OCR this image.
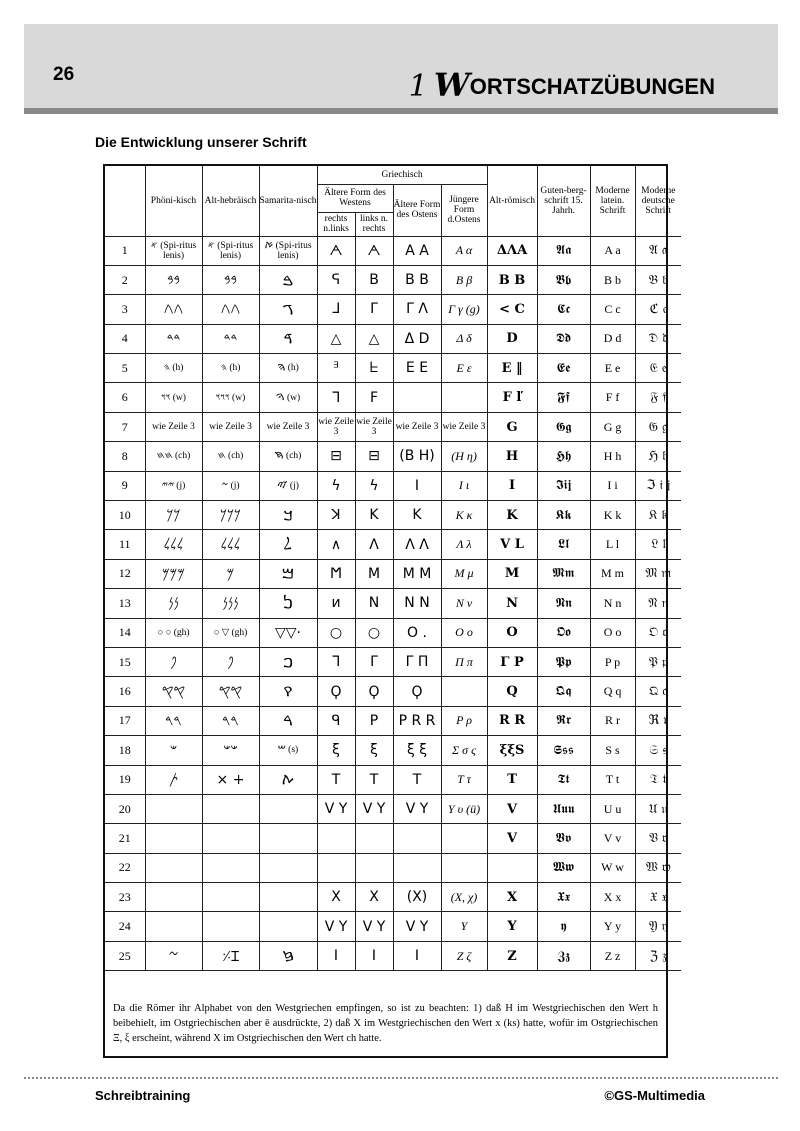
26	1 WORTSCHATZÜBUNGEN
Die Entwicklung unserer Schrift
	Phöni-kisch	Alt-hebräisch	Samarita-nisch	Griechisch				Alt-römisch	Guten-berg-schrift 15. Jahrh.	Moderne latein. Schrift	Moderne deutsche Schrift
				Ältere Form des Westens		Ältere Form des Ostens	Jüngere Form d.Ostens				
				rechts n.links	links n. rechts						
1	𐤀 (Spi-ritus lenis)	𐤀 (Spi-ritus lenis)	ࠀ (Spi-ritus lenis)	ᗅ	ᗅ	A A	A α	ΔΛA	𝕬𝖆	A a	𝔄 𝔞
2	𐤁𐤁	𐤁𐤁	ࠁ	ᕋ	B	B B	B β	B B	𝕭𝖇	B b	𝔅 𝔟
3	𐤂𐤂	𐤂𐤂	ࠂ	ᒧ	Γ	Γ Λ	Γ γ (g)	< C	𝕮𝖈	C c	ℭ 𝔠
4	𐤃𐤃	𐤃𐤃	ࠃ	△	△	Δ D	Δ δ	D	𝕯𝖉	D d	𝔇 𝔡
5	𐤄 (h)	𐤄 (h)	ࠄ (h)	ᴲ	ᖶ	Ε E	E ε	E ‖	𝕰𝖊	E e	𝔈 𝔢
6	𐤅𐤅 (w)	𐤅𐤅𐤅 (w)	ࠅ (w)	ᒣ	F			F ľ	𝕱𝖋	F f	𝔉 𝔣
7	wie Zeile 3	wie Zeile 3	wie Zeile 3	wie Zeile 3	wie Zeile 3	wie Zeile 3	wie Zeile 3	G	𝕲𝖌	G g	𝔊 𝔤
8	𐤇𐤇 (ch)	𐤇 (ch)	ࠇ (ch)	⊟	⊟	(Β H)	(H η)	H	𝕳𝖍	H h	ℌ 𝔥
9	𐤉𐤉 (j)	𐤆 (j)	ࠉ (j)	ϟ	ϟ	I	I ι	I	𝕴𝖎𝖏	I i	ℑ 𝔦 𝔧
10	𐤊𐤊	𐤊𐤊𐤊	ࠊ	ꓘ	K	K	K κ	K	𝕶𝖐	K k	𝔎 𝔨
11	𐤋𐤋𐤋	𐤋𐤋𐤋	ࠋ	∧	Λ	Λ Λ	Λ λ	V L	𝕷𝖑	L l	𝔏 𝔩
12	𐤌𐤌𐤌	𐤌	ࠌ	Ϻ	M	M M	M μ	M	𝕸𝖒	M m	𝔐 𝔪
13	𐤍𐤍	𐤍𐤍𐤍	ࠍ	ᴎ	N	N N	N ν	N	𝕹𝖓	N n	𝔑 𝔫
14	○ ○ (gh)	○ ▽ (gh)	▽▽·	○	○	O .	O o	O	𝕺𝖔	O o	𝔒 𝔬
15	𐤐	𐤐	ࠐ	ᒣ	Γ	Γ Π	Π π	Γ P	𝕻𝖕	P p	𝔓 𝔭
16	𐤒𐤒	𐤒𐤒	ࠒ	Ϙ	Ϙ	Ϙ		Q	𝕼𝖖	Q q	𝔔 𝔮
17	𐤓𐤓	𐤓𐤓	ࠓ	ᑫ	P	P R R	P ρ	R R	𝕽𝖗	R r	ℜ 𝔯
18	𐤔	𐤔𐤔	ࠔ (s)	ξ	ξ	ξ ξ	Σ σ ς	ξξS	𝕾𝖘𝖘	S s	𝔖 𝔰
19	𐤕	× +	ࠕ	T	T	T	T τ	T	𝕿𝖙	T t	𝔗 𝔱
20				V Y	V Y	V Y	Y υ (ü)	V	𝖀𝖚𝖚	U u	𝔘 𝔲
21								V	𝖁𝖛	V v	𝔙 𝔳
22									𝖂𝖜	W w	𝔚 𝔴
23				X	X	(X)	(X, χ)	X	𝖃𝖝	X x	𝔛 𝔵
24				V Y	V Y	V Y	Y	Y	𝖞	Y y	𝔜 𝔶
25	𐤆	⸓Ɪ	ࠆ	I	I	I	Z ζ	Z	𝖅𝖟	Z z	ℨ 𝔷
Da die Römer ihr Alphabet von den Westgriechen empfingen, so ist zu beachten: 1) daß H im Westgriechischen den Wert h beibehielt, im Ostgriechischen aber ē ausdrückte, 2) daß X im Westgriechischen den Wert x (ks) hatte, wofür im Ostgriechischen Ξ, ξ erscheint, während X im Ostgriechischen den Wert ch hatte.
Schreibtraining	©GS-Multimedia
